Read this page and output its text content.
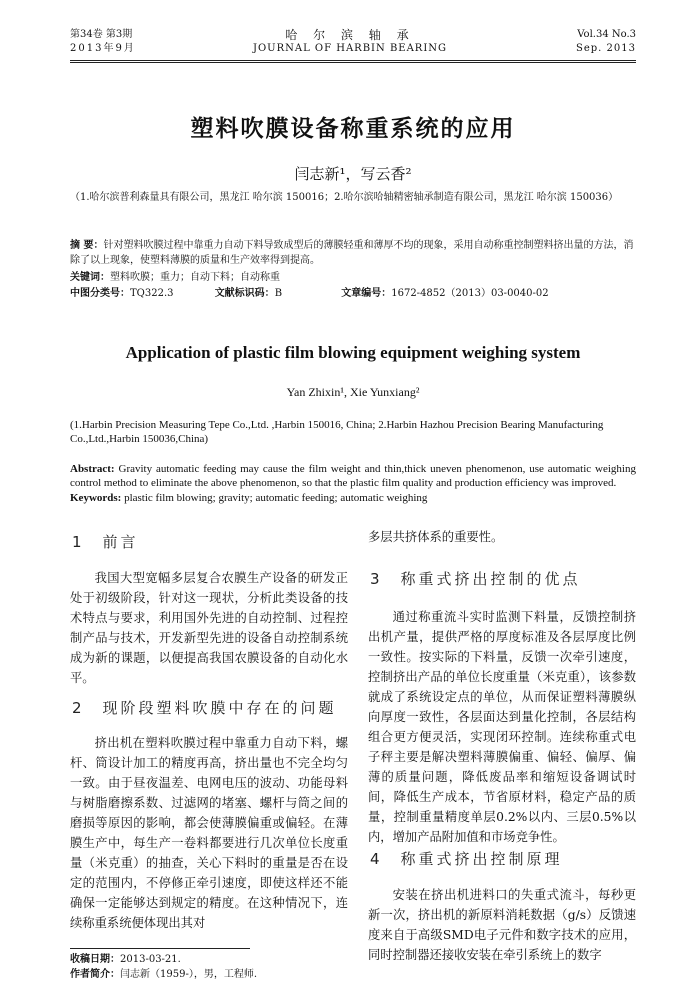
第34卷 第3期
2013年9月
哈 尔 滨 轴 承
JOURNAL OF HARBIN BEARING
Vol.34 No.3
Sep. 2013
塑料吹膜设备称重系统的应用
闫志新¹，写云香²
（1.哈尔滨普利森量具有限公司，黑龙江 哈尔滨 150016；2.哈尔滨哈轴精密轴承制造有限公司，黑龙江 哈尔滨 150036）
摘 要：针对塑料吹膜过程中靠重力自动下料导致成型后的薄膜轻重和薄厚不均的现象，采用自动称重控制塑料挤出量的方法，消除了以上现象，使塑料薄膜的质量和生产效率得到提高。
关键词：塑料吹膜；重力；自动下料；自动称重
中图分类号：TQ322.3	文献标识码：B	文章编号：1672-4852（2013）03-0040-02
Application of plastic film blowing equipment weighing system
Yan Zhixin¹, Xie Yunxiang²
(1.Harbin Precision Measuring Tepe Co.,Ltd. ,Harbin 150016, China; 2.Harbin Hazhou Precision Bearing Manufacturing Co.,Ltd.,Harbin 150036,China)
Abstract: Gravity automatic feeding may cause the film weight and thin,thick uneven phenomenon, use automatic weighing control method to eliminate the above phenomenon, so that the plastic film quality and production efficiency was improved.
Keywords: plastic film blowing; gravity; automatic feeding; automatic weighing
1　前言

我国大型宽幅多层复合农膜生产设备的研发正处于初级阶段，针对这一现状，分析此类设备的技术特点与要求，利用国外先进的自动控制、过程控制产品与技术，开发新型先进的设备自动控制系统成为新的课题，以便提高我国农膜设备的自动化水平。

2　现阶段塑料吹膜中存在的问题

挤出机在塑料吹膜过程中靠重力自动下料，螺杆、筒设计加工的精度再高，挤出量也不完全均匀一致。由于昼夜温差、电网电压的波动、功能母料与树脂磨擦系数、过滤网的堵塞、螺杆与筒之间的磨损等原因的影响，都会使薄膜偏重或偏轻。在薄膜生产中，每生产一卷料都要进行几次单位长度重量（米克重）的抽查，关心下料时的重量是否在设定的范围内，不停修正牵引速度，即使这样还不能确保一定能够达到规定的精度。在这种情况下，连续称重系统便体现出其对

收稿日期：2013-03-21.
作者简介：闫志新（1959-），男，工程师.

多层共挤体系的重要性。

3　称重式挤出控制的优点

通过称重流斗实时监测下料量，反馈控制挤出机产量，提供严格的厚度标准及各层厚度比例一致性。按实际的下料量，反馈一次牵引速度，控制挤出产品的单位长度重量（米克重），该参数就成了系统设定点的单位，从而保证塑料薄膜纵向厚度一致性，各层面达到量化控制，各层结构组合更方便灵活，实现闭环控制。连续称重式电子秤主要是解决塑料薄膜偏重、偏轻、偏厚、偏薄的质量问题，降低废品率和缩短设备调试时间，降低生产成本，节省原材料，稳定产品的质量，控制重量精度单层0.2%以内、三层0.5%以内，增加产品附加值和市场竞争性。

4　称重式挤出控制原理

安装在挤出机进料口的失重式流斗，每秒更新一次，挤出机的新原料消耗数据（g/s）反馈速度来自于高级SMD电子元件和数字技术的应用，同时控制器还接收安装在牵引系统上的数字
